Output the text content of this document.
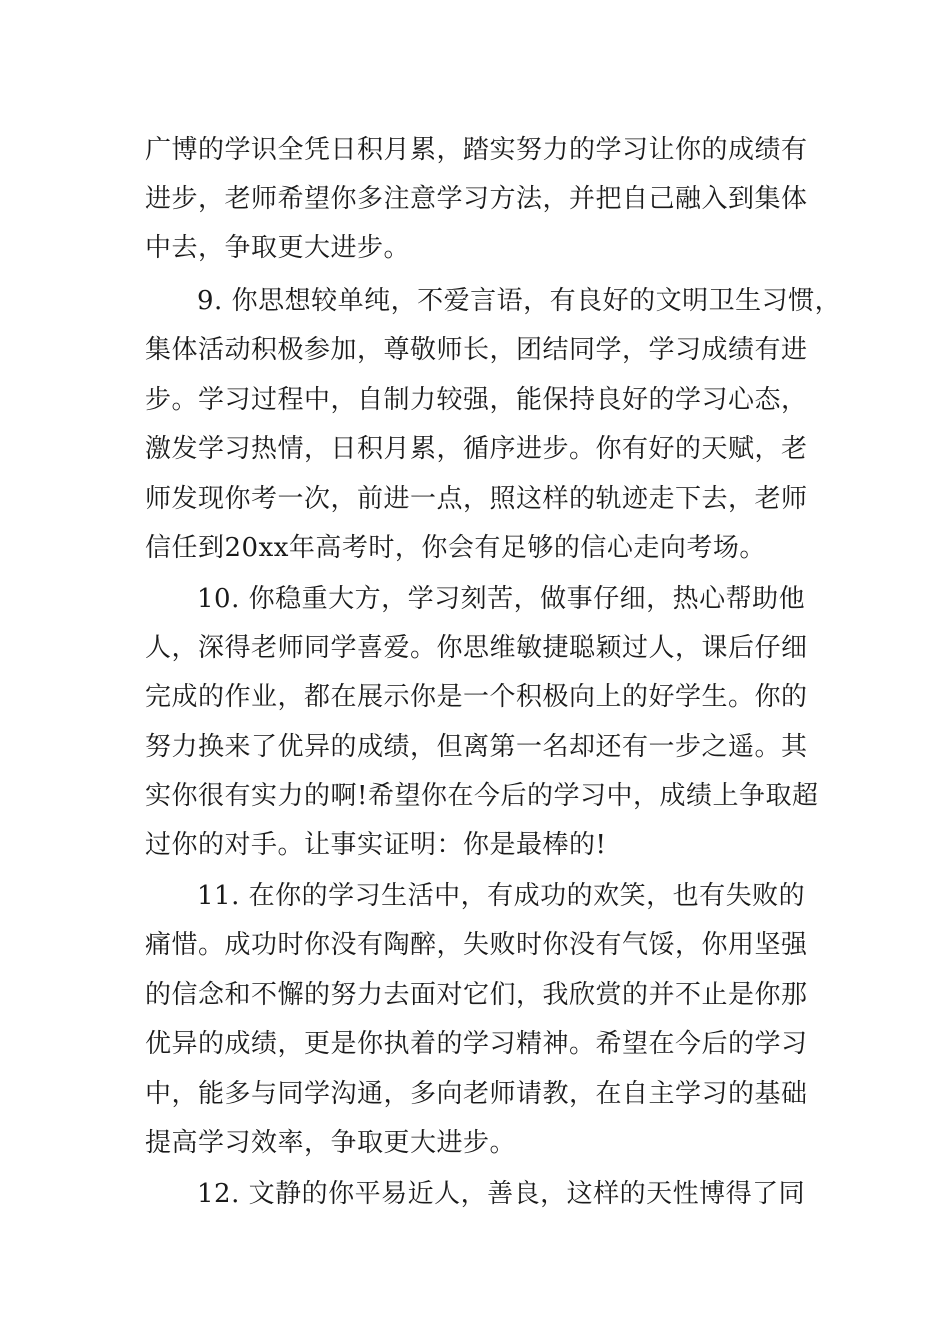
广博的学识全凭日积月累，踏实努力的学习让你的成绩有
进步，老师希望你多注意学习方法，并把自己融入到集体
中去，争取更大进步。
9. 你思想较单纯，不爱言语，有良好的文明卫生习惯，
集体活动积极参加，尊敬师长，团结同学，学习成绩有进
步。学习过程中，自制力较强，能保持良好的学习心态，
激发学习热情，日积月累，循序进步。你有好的天赋，老
师发现你考一次，前进一点，照这样的轨迹走下去，老师
信任到20xx年高考时，你会有足够的信心走向考场。
10. 你稳重大方，学习刻苦，做事仔细，热心帮助他
人，深得老师同学喜爱。你思维敏捷聪颖过人，课后仔细
完成的作业，都在展示你是一个积极向上的好学生。你的
努力换来了优异的成绩，但离第一名却还有一步之遥。其
实你很有实力的啊!希望你在今后的学习中，成绩上争取超
过你的对手。让事实证明：你是最棒的!
11. 在你的学习生活中，有成功的欢笑，也有失败的
痛惜。成功时你没有陶醉，失败时你没有气馁，你用坚强
的信念和不懈的努力去面对它们，我欣赏的并不止是你那
优异的成绩，更是你执着的学习精神。希望在今后的学习
中，能多与同学沟通，多向老师请教，在自主学习的基础
提高学习效率，争取更大进步。
12. 文静的你平易近人，善良，这样的天性博得了同
